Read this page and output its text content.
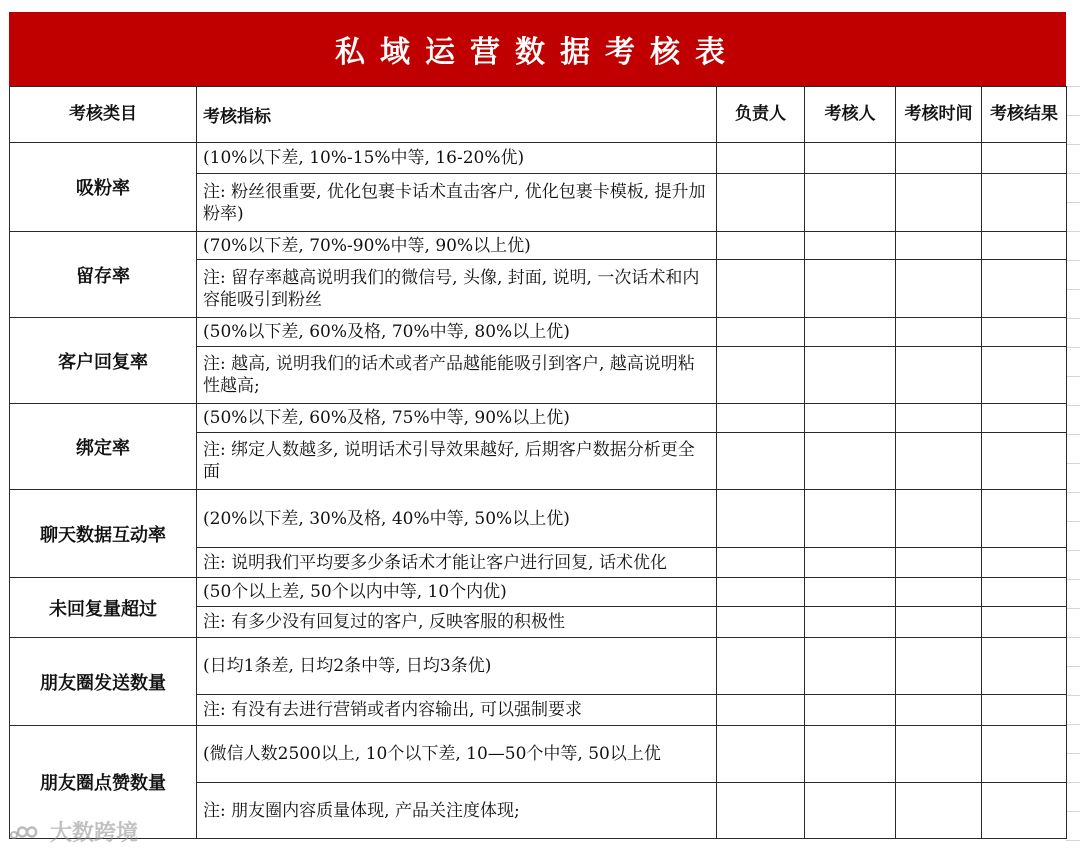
私域运营数据考核表
考核类目	考核指标	负责人	考核人	考核时间	考核结果
吸粉率	(10%以下差, 10%-15%中等, 16-20%优)				
	注: 粉丝很重要, 优化包裹卡话术直击客户, 优化包裹卡模板, 提升加粉率)				
留存率	(70%以下差, 70%-90%中等, 90%以上优)				
	注: 留存率越高说明我们的微信号, 头像, 封面, 说明, 一次话术和内容能吸引到粉丝				
客户回复率	(50%以下差, 60%及格, 70%中等, 80%以上优)				
	注: 越高, 说明我们的话术或者产品越能能吸引到客户, 越高说明粘性越高;				
绑定率	(50%以下差, 60%及格, 75%中等, 90%以上优)				
	注: 绑定人数越多, 说明话术引导效果越好, 后期客户数据分析更全面				
聊天数据互动率	(20%以下差, 30%及格, 40%中等, 50%以上优)				

	注: 说明我们平均要多少条话术才能让客户进行回复, 话术优化				

未回复量超过	(50个以上差, 50个以内中等, 10个内优)				
	注: 有多少没有回复过的客户, 反映客服的积极性				
朋友圈发送数量	(日均1条差, 日均2条中等, 日均3条优)				
	注: 有没有去进行营销或者内容输出, 可以强制要求				
朋友圈点赞数量	(微信人数2500以上, 10个以下差, 10—50个中等, 50以上优				
	注: 朋友圈内容质量体现, 产品关注度体现;				
大数跨境
